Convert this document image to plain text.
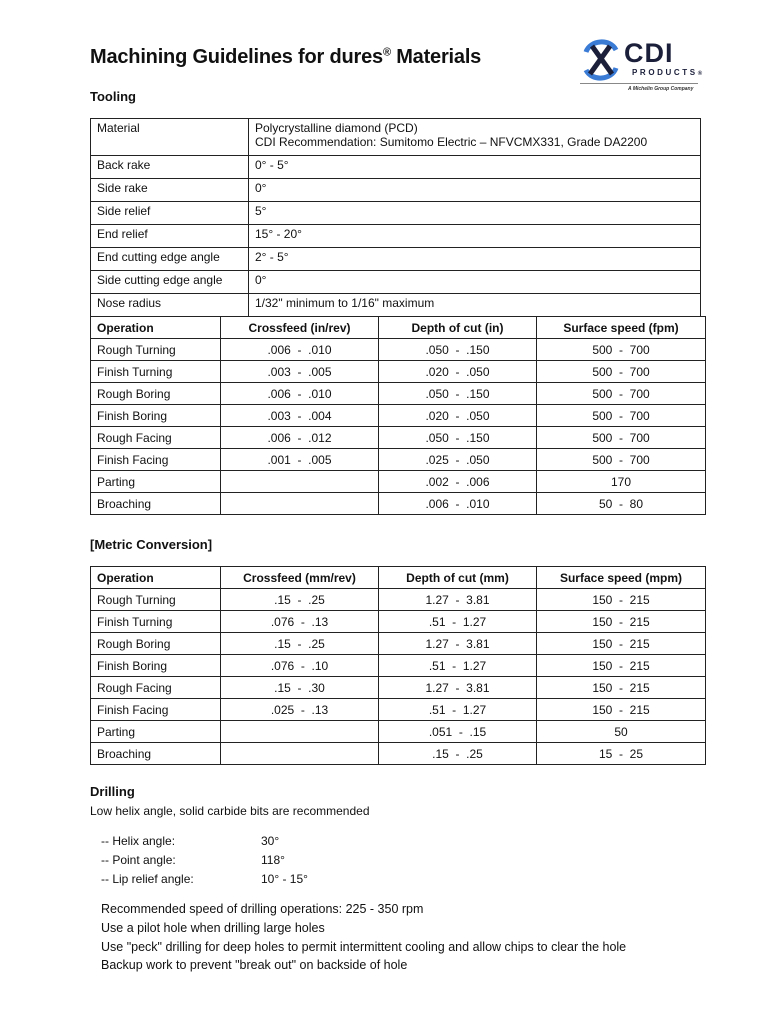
Machining Guidelines for dures® Materials	CDI
PRODUCTS®
A Michelin Group Company
Tooling
Material	Polycrystalline diamond (PCD)
CDI Recommendation: Sumitomo Electric – NFVCMX331, Grade DA2200

Back rake	0° - 5°
Side rake	0°
Side relief	5°
End relief	15° - 20°
End cutting edge angle	2° - 5°
Side cutting edge angle	0°
Nose radius	1/32" minimum to 1/16" maximum
Operation	Crossfeed (in/rev)	Depth of cut (in)	Surface speed (fpm)
Rough Turning	.006  -  .010	.050  -  .150	500  -  700
Finish Turning	.003  -  .005	.020  -  .050	500  -  700
Rough Boring	.006  -  .010	.050  -  .150	500  -  700
Finish Boring	.003  -  .004	.020  -  .050	500  -  700
Rough Facing	.006  -  .012	.050  -  .150	500  -  700
Finish Facing	.001  -  .005	.025  -  .050	500  -  700
Parting		.002  -  .006	170
Broaching		.006  -  .010	50  -  80
[Metric Conversion]
Operation	Crossfeed (mm/rev)	Depth of cut (mm)	Surface speed (mpm)
Rough Turning	.15  -  .25	1.27  -  3.81	150  -  215
Finish Turning	.076  -  .13	.51  -  1.27	150  -  215
Rough Boring	.15  -  .25	1.27  -  3.81	150  -  215
Finish Boring	.076  -  .10	.51  -  1.27	150  -  215
Rough Facing	.15  -  .30	1.27  -  3.81	150  -  215
Finish Facing	.025  -  .13	.51  -  1.27	150  -  215
Parting		.051  -  .15	50
Broaching		.15  -  .25	15  -  25
Drilling
Low helix angle, solid carbide bits are recommended
-- Helix angle:	30°
-- Point angle:	118°
-- Lip relief angle:	10° - 15°
Recommended speed of drilling operations: 225 - 350 rpm
Use a pilot hole when drilling large holes
Use "peck" drilling for deep holes to permit intermittent cooling and allow chips to clear the hole
Backup work to prevent "break out" on backside of hole
